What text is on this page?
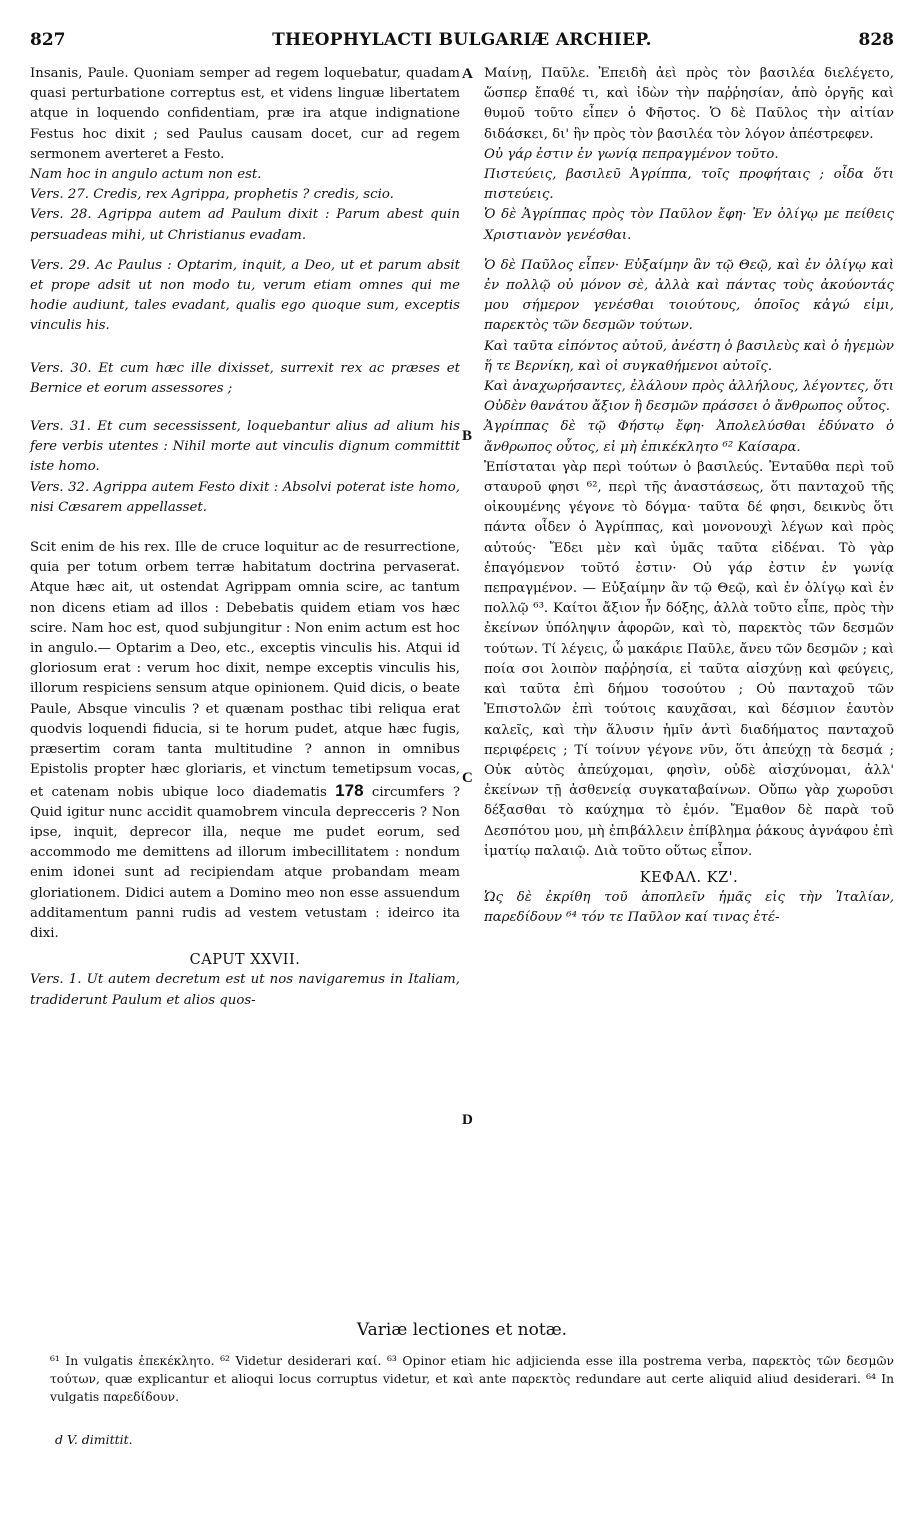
827	THEOPHYLACTI BULGARIÆ ARCHIEP.	828
A
B
C
D

Insanis, Paule. Quoniam semper ad regem loquebatur, quadam quasi perturbatione correptus est, et videns linguæ libertatem atque in loquendo confidentiam, præ ira atque indignatione Festus hoc dixit ; sed Paulus causam docet, cur ad regem sermonem averteret a Festo.

Nam hoc in angulo actum non est.

Vers. 27. Credis, rex Agrippa, prophetis ? credis, scio.

Vers. 28. Agrippa autem ad Paulum dixit : Parum abest quin persuadeas mihi, ut Christianus evadam.

Vers. 29. Ac Paulus : Optarim, inquit, a Deo, ut et parum absit et prope adsit ut non modo tu, verum etiam omnes qui me hodie audiunt, tales evadant, qualis ego quoque sum, exceptis vinculis his.

Vers. 30. Et cum hæc ille dixisset, surrexit rex ac præses et Bernice et eorum assessores ;

Vers. 31. Et cum secessissent, loquebantur alius ad alium his fere verbis utentes : Nihil morte aut vinculis dignum committit iste homo.

Vers. 32. Agrippa autem Festo dixit : Absolvi poterat iste homo, nisi Cæsarem appellasset.

Scit enim de his rex. Ille de cruce loquitur ac de resurrectione, quia per totum orbem terræ habitatum doctrina pervaserat. Atque hæc ait, ut ostendat Agrippam omnia scire, ac tantum non dicens etiam ad illos : Debebatis quidem etiam vos hæc scire. Nam hoc est, quod subjungitur : Non enim actum est hoc in angulo.— Optarim a Deo, etc., exceptis vinculis his. Atqui id gloriosum erat : verum hoc dixit, nempe exceptis vinculis his, illorum respiciens sensum atque opinionem. Quid dicis, o beate Paule, Absque vinculis ? et quænam posthac tibi reliqua erat quodvis loquendi fiducia, si te horum pudet, atque hæc fugis, præsertim coram tanta multitudine ? annon in omnibus Epistolis propter hæc gloriaris, et vinctum temetipsum vocas, et catenam nobis ubique loco diadematis 178 circumfers ? Quid igitur nunc accidit quamobrem vincula deprecceris ? Non ipse, inquit, deprecor illa, neque me pudet eorum, sed accommodo me demittens ad illorum imbecillitatem : nondum enim idonei sunt ad recipiendam atque probandam meam gloriationem. Didici autem a Domino meo non esse assuendum additamentum panni rudis ad vestem vetustam : ideirco ita dixi.

CAPUT XXVII.

Vers. 1. Ut autem decretum est ut nos navigaremus in Italiam, tradiderunt Paulum et alios quos-

Μαίνῃ, Παῦλε. Ἐπειδὴ ἀεὶ πρὸς τὸν βασιλέα διελέγετο, ὥσπερ ἔπαθέ τι, καὶ ἰδὼν τὴν παῤῥησίαν, ἀπὸ ὀργῆς καὶ θυμοῦ τοῦτο εἶπεν ὁ Φῆστος. Ὁ δὲ Παῦλος τὴν αἰτίαν διδάσκει, δι' ἣν πρὸς τὸν βασιλέα τὸν λόγον ἀπέστρεφεν.

Οὐ γάρ ἐστιν ἐν γωνίᾳ πεπραγμένον τοῦτο.

Πιστεύεις, βασιλεῦ Ἀγρίππα, τοῖς προφήταις ; οἶδα ὅτι πιστεύεις.

Ὁ δὲ Ἀγρίππας πρὸς τὸν Παῦλον ἔφη· Ἐν ὀλίγῳ με πείθεις Χριστιανὸν γενέσθαι.

Ὁ δὲ Παῦλος εἶπεν· Εὐξαίμην ἂν τῷ Θεῷ, καὶ ἐν ὀλίγῳ καὶ ἐν πολλῷ οὐ μόνον σὲ, ἀλλὰ καὶ πάντας τοὺς ἀκούοντάς μου σήμερον γενέσθαι τοιούτους, ὁποῖος κἀγώ εἰμι, παρεκτὸς τῶν δεσμῶν τούτων.

Καὶ ταῦτα εἰπόντος αὐτοῦ, ἀνέστη ὁ βασιλεὺς καὶ ὁ ἡγεμὼν ἥ τε Βερνίκη, καὶ οἱ συγκαθήμενοι αὐτοῖς.

Καὶ ἀναχωρήσαντες, ἐλάλουν πρὸς ἀλλήλους, λέγοντες, ὅτι Οὐδὲν θανάτου ἄξιον ἢ δεσμῶν πράσσει ὁ ἄνθρωπος οὗτος.

Ἀγρίππας δὲ τῷ Φήστῳ ἔφη· Ἀπολελύσθαι ἐδύνατο ὁ ἄνθρωπος οὗτος, εἰ μὴ ἐπικέκλητο ⁶² Καίσαρα.

Ἐπίσταται γὰρ περὶ τούτων ὁ βασιλεύς. Ἐνταῦθα περὶ τοῦ σταυροῦ φησι ⁶², περὶ τῆς ἀναστάσεως, ὅτι πανταχοῦ τῆς οἰκουμένης γέγονε τὸ δόγμα· ταῦτα δέ φησι, δεικνὺς ὅτι πάντα οἶδεν ὁ Ἀγρίππας, καὶ μονονουχὶ λέγων καὶ πρὸς αὐτούς· Ἔδει μὲν καὶ ὑμᾶς ταῦτα εἰδέναι. Τὸ γὰρ ἐπαγόμενον τοῦτό ἐστιν· Οὐ γάρ ἐστιν ἐν γωνίᾳ πεπραγμένον. — Εὐξαίμην ἂν τῷ Θεῷ, καὶ ἐν ὀλίγῳ καὶ ἐν πολλῷ ⁶³. Καίτοι ἄξιον ἦν δόξης, ἀλλὰ τοῦτο εἶπε, πρὸς τὴν ἐκείνων ὑπόληψιν ἀφορῶν, καὶ τὸ, παρεκτὸς τῶν δεσμῶν τούτων. Τί λέγεις, ὦ μακάριε Παῦλε, ἄνευ τῶν δεσμῶν ; καὶ ποία σοι λοιπὸν παῤῥησία, εἰ ταῦτα αἰσχύνῃ καὶ φεύγεις, καὶ ταῦτα ἐπὶ δήμου τοσούτου ; Οὐ πανταχοῦ τῶν Ἐπιστολῶν ἐπὶ τούτοις καυχᾶσαι, καὶ δέσμιον ἑαυτὸν καλεῖς, καὶ τὴν ἅλυσιν ἡμῖν ἀντὶ διαδήματος πανταχοῦ περιφέρεις ; Τί τοίνυν γέγονε νῦν, ὅτι ἀπεύχῃ τὰ δεσμά ; Οὐκ αὐτὸς ἀπεύχομαι, φησὶν, οὐδὲ αἰσχύνομαι, ἀλλ' ἐκείνων τῇ ἀσθενείᾳ συγκαταβαίνων. Οὔπω γὰρ χωροῦσι δέξασθαι τὸ καύχημα τὸ ἐμόν. Ἔμαθον δὲ παρὰ τοῦ Δεσπότου μου, μὴ ἐπιβάλλειν ἐπίβλημα ῥάκους ἀγνάφου ἐπὶ ἱματίῳ παλαιῷ. Διὰ τοῦτο οὕτως εἶπον.

ΚΕΦΑΛ. ΚΖ'.

Ὡς δὲ ἐκρίθη τοῦ ἀποπλεῖν ἡμᾶς εἰς τὴν Ἰταλίαν, παρεδίδουν ⁶⁴ τόν τε Παῦλον καί τινας ἑτέ-

Variæ lectiones et notæ.

⁶¹ In vulgatis ἐπεκέκλητο. ⁶² Videtur desiderari καί. ⁶³ Opinor etiam hic adjicienda esse illa postrema verba, παρεκτὸς τῶν δεσμῶν τούτων, quæ explicantur et alioqui locus corruptus videtur, et καὶ ante παρεκτὸς redundare aut certe aliquid aliud desiderari. ⁶⁴ In vulgatis παρεδίδουν.

d V. dimittit.
